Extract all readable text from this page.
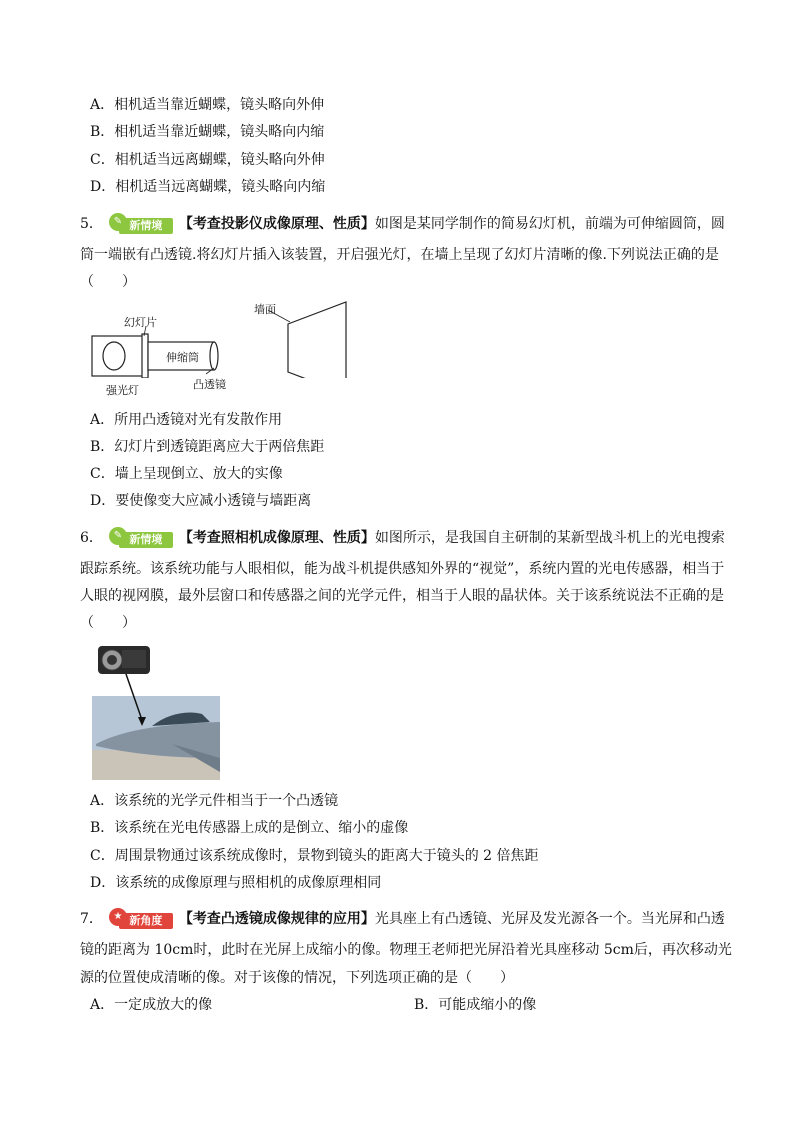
A．相机适当靠近蝴蝶，镜头略向外伸
B．相机适当靠近蝴蝶，镜头略向内缩
C．相机适当远离蝴蝶，镜头略向外伸
D．相机适当远离蝴蝶，镜头略向内缩
5．	新情境
✎	【考查投影仪成像原理、性质】如图是某同学制作的简易幻灯机，前端为可伸缩圆筒，圆
筒一端嵌有凸透镜.将幻灯片插入该装置，开启强光灯，在墙上呈现了幻灯片清晰的像.下列说法正确的是
（　　）
墙面
幻灯片
伸缩筒
凸透镜
强光灯
A．所用凸透镜对光有发散作用
B．幻灯片到透镜距离应大于两倍焦距
C．墙上呈现倒立、放大的实像
D．要使像变大应减小透镜与墙距离
6．	新情境
✎	【考查照相机成像原理、性质】如图所示，是我国自主研制的某新型战斗机上的光电搜索
跟踪系统。该系统功能与人眼相似，能为战斗机提供感知外界的“视觉”，系统内置的光电传感器，相当于
人眼的视网膜，最外层窗口和传感器之间的光学元件，相当于人眼的晶状体。关于该系统说法不正确的是
（　　）
A．该系统的光学元件相当于一个凸透镜
B．该系统在光电传感器上成的是倒立、缩小的虚像
C．周围景物通过该系统成像时，景物到镜头的距离大于镜头的 2 倍焦距
D．该系统的成像原理与照相机的成像原理相同
7．	新角度
★	【考查凸透镜成像规律的应用】光具座上有凸透镜、光屏及发光源各一个。当光屏和凸透
镜的距离为 10cm时，此时在光屏上成缩小的像。物理王老师把光屏沿着光具座移动 5cm后，再次移动光
源的位置使成清晰的像。对于该像的情况，下列选项正确的是（　　）
A．一定成放大的像	B．可能成缩小的像
